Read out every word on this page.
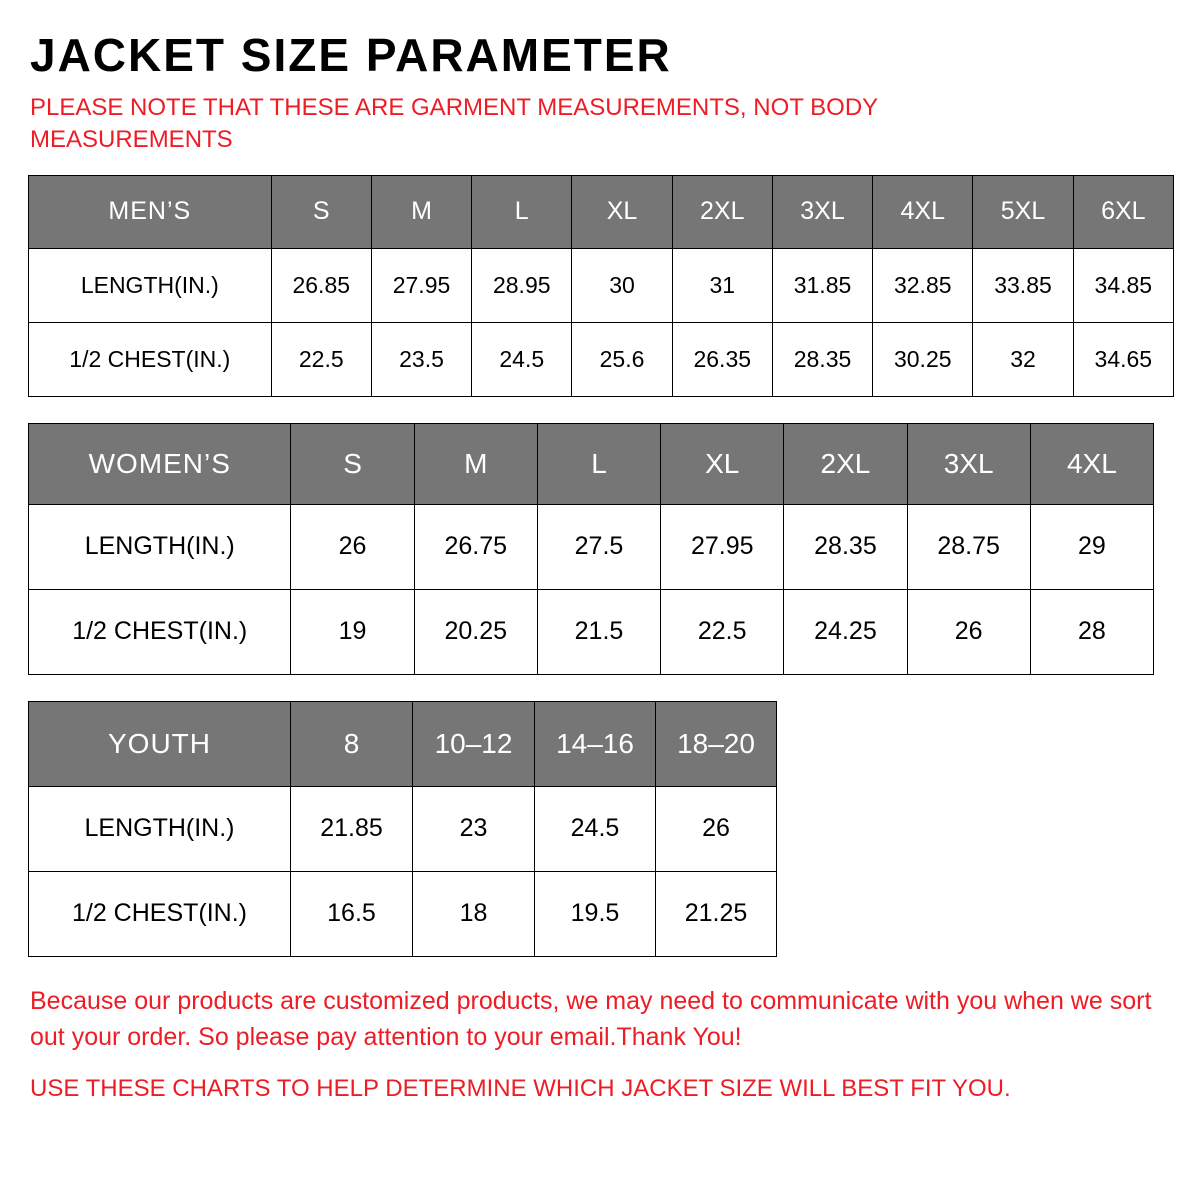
JACKET SIZE PARAMETER
PLEASE NOTE THAT THESE ARE GARMENT MEASUREMENTS, NOT BODY MEASUREMENTS
MEN’S	S	M	L	XL	2XL	3XL	4XL	5XL	6XL
LENGTH(IN.)	26.85	27.95	28.95	30	31	31.85	32.85	33.85	34.85
1/2 CHEST(IN.)	22.5	23.5	24.5	25.6	26.35	28.35	30.25	32	34.65
WOMEN’S	S	M	L	XL	2XL	3XL	4XL
LENGTH(IN.)	26	26.75	27.5	27.95	28.35	28.75	29
1/2 CHEST(IN.)	19	20.25	21.5	22.5	24.25	26	28
YOUTH	8	10–12	14–16	18–20
LENGTH(IN.)	21.85	23	24.5	26
1/2 CHEST(IN.)	16.5	18	19.5	21.25
Because our products are customized products, we may need to communicate with you when we sort out your order. So please pay attention to your email.Thank You!
USE THESE CHARTS TO HELP DETERMINE WHICH JACKET SIZE WILL BEST FIT YOU.
